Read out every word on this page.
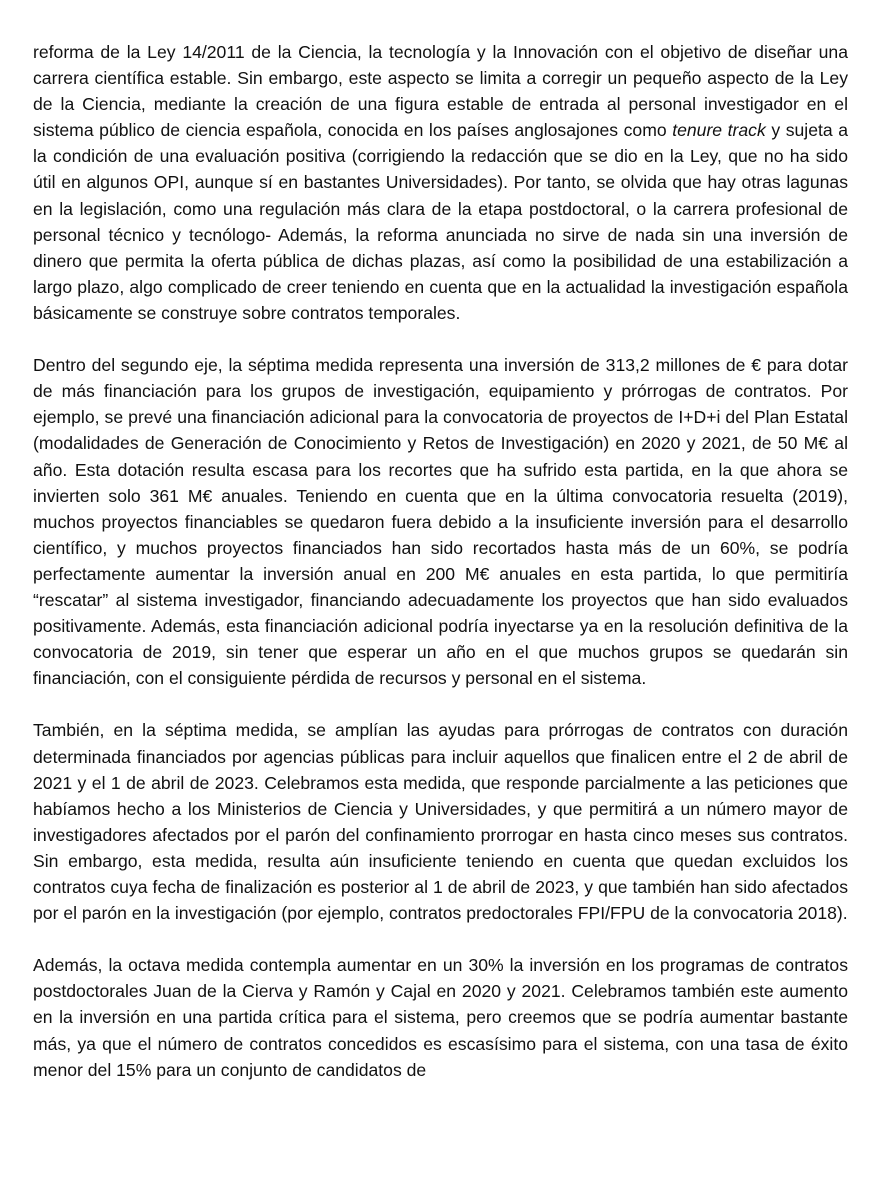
reforma de la Ley 14/2011 de la Ciencia, la tecnología y la Innovación con el objetivo de diseñar una carrera científica estable. Sin embargo, este aspecto se limita a corregir un pequeño aspecto de la Ley de la Ciencia, mediante la creación de una figura estable de entrada al personal investigador en el sistema público de ciencia española, conocida en los países anglosajones como tenure track y sujeta a la condición de una evaluación positiva (corrigiendo la redacción que se dio en la Ley, que no ha sido útil en algunos OPI, aunque sí en bastantes Universidades). Por tanto, se olvida que hay otras lagunas en la legislación, como una regulación más clara de la etapa postdoctoral, o la carrera profesional de personal técnico y tecnólogo- Además, la reforma anunciada no sirve de nada sin una inversión de dinero que permita la oferta pública de dichas plazas, así como la posibilidad de una estabilización a largo plazo, algo complicado de creer teniendo en cuenta que en la actualidad la investigación española básicamente se construye sobre contratos temporales.

Dentro del segundo eje, la séptima medida representa una inversión de 313,2 millones de € para dotar de más financiación para los grupos de investigación, equipamiento y prórrogas de contratos. Por ejemplo, se prevé una financiación adicional para la convocatoria de proyectos de I+D+i del Plan Estatal (modalidades de Generación de Conocimiento y Retos de Investigación) en 2020 y 2021, de 50 M€ al año. Esta dotación resulta escasa para los recortes que ha sufrido esta partida, en la que ahora se invierten solo 361 M€ anuales. Teniendo en cuenta que en la última convocatoria resuelta (2019), muchos proyectos financiables se quedaron fuera debido a la insuficiente inversión para el desarrollo científico, y muchos proyectos financiados han sido recortados hasta más de un 60%, se podría perfectamente aumentar la inversión anual en 200 M€ anuales en esta partida, lo que permitiría “rescatar” al sistema investigador, financiando adecuadamente los proyectos que han sido evaluados positivamente. Además, esta financiación adicional podría inyectarse ya en la resolución definitiva de la convocatoria de 2019, sin tener que esperar un año en el que muchos grupos se quedarán sin financiación, con el consiguiente pérdida de recursos y personal en el sistema.

También, en la séptima medida, se amplían las ayudas para prórrogas de contratos con duración determinada financiados por agencias públicas para incluir aquellos que finalicen entre el 2 de abril de 2021 y el 1 de abril de 2023. Celebramos esta medida, que responde parcialmente a las peticiones que habíamos hecho a los Ministerios de Ciencia y Universidades, y que permitirá a un número mayor de investigadores afectados por el parón del confinamiento prorrogar en hasta cinco meses sus contratos. Sin embargo, esta medida, resulta aún insuficiente teniendo en cuenta que quedan excluidos los contratos cuya fecha de finalización es posterior al 1 de abril de 2023, y que también han sido afectados por el parón en la investigación (por ejemplo, contratos predoctorales FPI/FPU de la convocatoria 2018).

Además, la octava medida contempla aumentar en un 30% la inversión en los programas de contratos postdoctorales Juan de la Cierva y Ramón y Cajal en 2020 y 2021. Celebramos también este aumento en la inversión en una partida crítica para el sistema, pero creemos que se podría aumentar bastante más, ya que el número de contratos concedidos es escasísimo para el sistema, con una tasa de éxito menor del 15% para un conjunto de candidatos de
